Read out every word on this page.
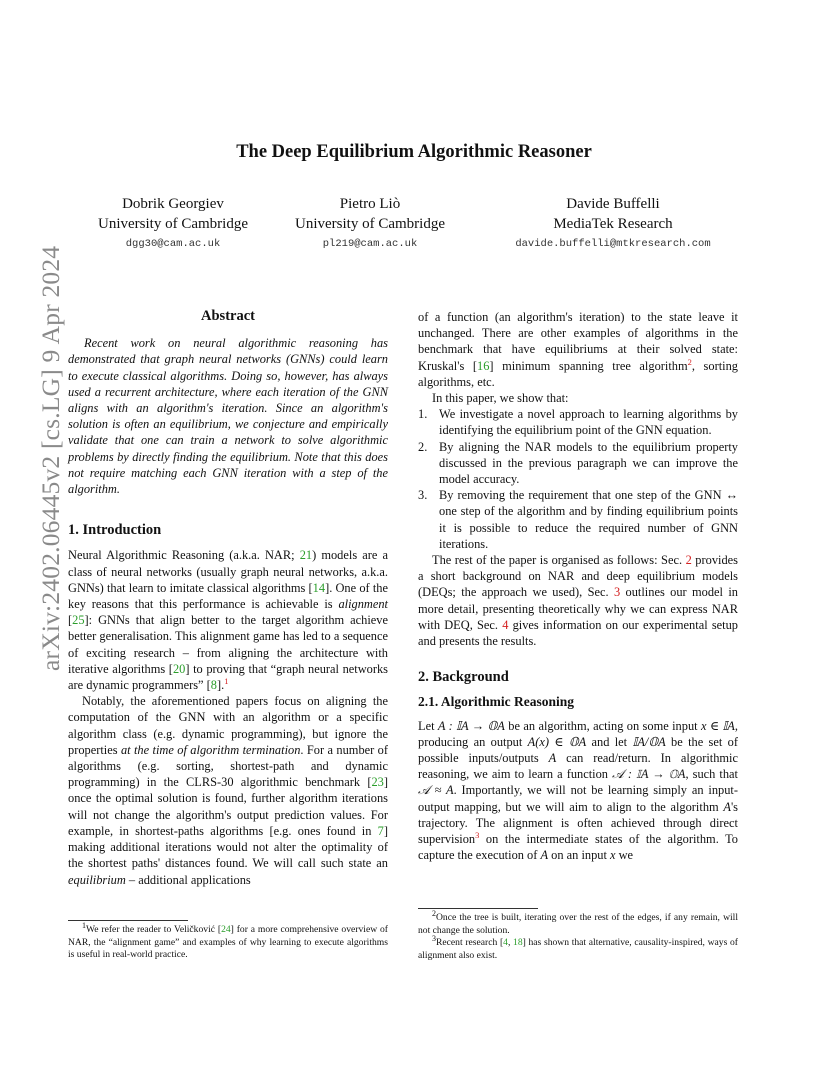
The Deep Equilibrium Algorithmic Reasoner
Dobrik Georgiev
University of Cambridge
dgg30@cam.ac.uk
Pietro Liò
University of Cambridge
pl219@cam.ac.uk
Davide Buffelli
MediaTek Research
davide.buffelli@mtkresearch.com
arXiv:2402.06445v2 [cs.LG] 9 Apr 2024	Abstract

Recent work on neural algorithmic reasoning has demonstrated that graph neural networks (GNNs) could learn to execute classical algorithms. Doing so, however, has always used a recurrent architecture, where each iteration of the GNN aligns with an algorithm's iteration. Since an algorithm's solution is often an equilibrium, we conjecture and empirically validate that one can train a network to solve algorithmic problems by directly finding the equilibrium. Note that this does not require matching each GNN iteration with a step of the algorithm.

1. Introduction

Neural Algorithmic Reasoning (a.k.a. NAR; 21) models are a class of neural networks (usually graph neural networks, a.k.a. GNNs) that learn to imitate classical algorithms [14]. One of the key reasons that this performance is achievable is alignment [25]: GNNs that align better to the target algorithm achieve better generalisation. This alignment game has led to a sequence of exciting research – from aligning the architecture with iterative algorithms [20] to proving that “graph neural networks are dynamic programmers” [8].$^1$

Notably, the aforementioned papers focus on aligning the computation of the GNN with an algorithm or a specific algorithm class (e.g. dynamic programming), but ignore the properties at the time of algorithm termination. For a number of algorithms (e.g. sorting, shortest-path and dynamic programming) in the CLRS-30 algorithmic benchmark [23] once the optimal solution is found, further algorithm iterations will not change the algorithm's output prediction values. For example, in shortest-paths algorithms [e.g. ones found in 7] making additional iterations would not alter the optimality of the shortest paths' distances found. We will call such state an equilibrium – additional applications

$^1$We refer the reader to Veličković [24] for a more comprehensive overview of NAR, the “alignment game” and examples of why learning to execute algorithms is useful in real-world practice.

of a function (an algorithm's iteration) to the state leave it unchanged. There are other examples of algorithms in the benchmark that have equilibriums at their solved state: Kruskal's [16] minimum spanning tree algorithm$^2$, sorting algorithms, etc.

In this paper, we show that:

1. We investigate a novel approach to learning algorithms by identifying the equilibrium point of the GNN equation.
2. By aligning the NAR models to the equilibrium property discussed in the previous paragraph we can improve the model accuracy.
3. By removing the requirement that one step of the GNN ↔ one step of the algorithm and by finding equilibrium points it is possible to reduce the required number of GNN iterations.

The rest of the paper is organised as follows: Sec. 2 provides a short background on NAR and deep equilibrium models (DEQs; the approach we used), Sec. 3 outlines our model in more detail, presenting theoretically why we can express NAR with DEQ, Sec. 4 gives information on our experimental setup and presents the results.

2. Background
2.1. Algorithmic Reasoning

Let A : 𝕀A → 𝕆A be an algorithm, acting on some input x ∈ 𝕀A, producing an output A(x) ∈ 𝕆A and let 𝕀A/𝕆A be the set of possible inputs/outputs A can read/return. In algorithmic reasoning, we aim to learn a function 𝒜 : 𝕀A → 𝕆A, such that 𝒜 ≈ A. Importantly, we will not be learning simply an input-output mapping, but we will aim to align to the algorithm A's trajectory. The alignment is often achieved through direct supervision$^3$ on the intermediate states of the algorithm. To capture the execution of A on an input x we

$^2$Once the tree is built, iterating over the rest of the edges, if any remain, will not change the solution.

$^3$Recent research [4, 18] has shown that alternative, causality-inspired, ways of alignment also exist.
